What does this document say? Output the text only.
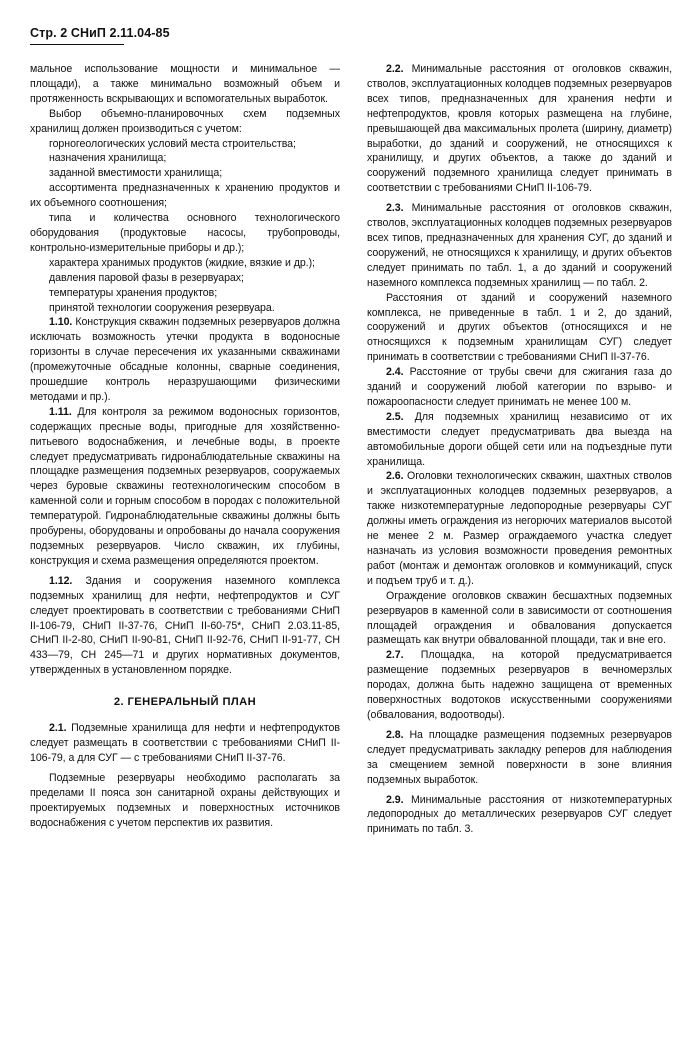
Стр. 2 СНиП 2.11.04-85

мальное использование мощности и минимальное — площади), а также минимально возможный объем и протяженность вскрывающих и вспомогательных выработок.

Выбор объемно-планировочных схем подземных хранилищ должен производиться с учетом:

горногеологических условий места строительства;

назначения хранилища;

заданной вместимости хранилища;

ассортимента предназначенных к хранению продуктов и их объемного соотношения;

типа и количества основного технологического оборудования (продуктовые насосы, трубопроводы, контрольно-измерительные приборы и др.);

характера хранимых продуктов (жидкие, вязкие и др.);

давления паровой фазы в резервуарах;

температуры хранения продуктов;

принятой технологии сооружения резервуара.

1.10. Конструкция скважин подземных резервуаров должна исключать возможность утечки продукта в водоносные горизонты в случае пересечения их указанными скважинами (промежуточные обсадные колонны, сварные соединения, прошедшие контроль неразрушающими физическими методами и пр.).

1.11. Для контроля за режимом водоносных горизонтов, содержащих пресные воды, пригодные для хозяйственно-питьевого водоснабжения, и лечебные воды, в проекте следует предусматривать гидронаблюдательные скважины на площадке размещения подземных резервуаров, сооружаемых через буровые скважины геотехнологическим способом в каменной соли и горным способом в породах с положительной температурой. Гидронаблюдательные скважины должны быть пробурены, оборудованы и опробованы до начала сооружения подземных резервуаров. Число скважин, их глубины, конструкция и схема размещения определяются проектом.

1.12. Здания и сооружения наземного комплекса подземных хранилищ для нефти, нефтепродуктов и СУГ следует проектировать в соответствии с требованиями СНиП II-106-79, СНиП II-37-76, СНиП II-60-75*, СНиП 2.03.11-85, СНиП II-2-80, СНиП II-90-81, СНиП II-92-76, СНиП II-91-77, СН 433—79, СН 245—71 и других нормативных документов, утвержденных в установленном порядке.

2. ГЕНЕРАЛЬНЫЙ ПЛАН

2.1. Подземные хранилища для нефти и нефтепродуктов следует размещать в соответствии с требованиями СНиП II-106-79, а для СУГ — с требованиями СНиП II-37-76.

Подземные резервуары необходимо располагать за пределами II пояса зон санитарной охраны действующих и проектируемых подземных и поверхностных источников водоснабжения с учетом перспектив их развития.

2.2. Минимальные расстояния от оголовков скважин, стволов, эксплуатационных колодцев подземных резервуаров всех типов, предназначенных для хранения нефти и нефтепродуктов, кровля которых размещена на глубине, превышающей два максимальных пролета (ширину, диаметр) выработки, до зданий и сооружений, не относящихся к хранилищу, и других объектов, а также до зданий и сооружений подземного хранилища следует принимать в соответствии с требованиями СНиП II-106-79.

2.3. Минимальные расстояния от оголовков скважин, стволов, эксплуатационных колодцев подземных резервуаров всех типов, предназначенных для хранения СУГ, до зданий и сооружений, не относящихся к хранилищу, и других объектов следует принимать по табл. 1, а до зданий и сооружений наземного комплекса подземных хранилищ — по табл. 2.

Расстояния от зданий и сооружений наземного комплекса, не приведенные в табл. 1 и 2, до зданий, сооружений и других объектов (относящихся и не относящихся к подземным хранилищам СУГ) следует принимать в соответствии с требованиями СНиП II-37-76.

2.4. Расстояние от трубы свечи для сжигания газа до зданий и сооружений любой категории по взрыво- и пожароопасности следует принимать не менее 100 м.

2.5. Для подземных хранилищ независимо от их вместимости следует предусматривать два выезда на автомобильные дороги общей сети или на подъездные пути хранилища.

2.6. Оголовки технологических скважин, шахтных стволов и эксплуатационных колодцев подземных резервуаров, а также низкотемпературные ледопородные резервуары СУГ должны иметь ограждения из негорючих материалов высотой не менее 2 м. Размер ограждаемого участка следует назначать из условия возможности проведения ремонтных работ (монтаж и демонтаж оголовков и коммуникаций, спуск и подъем труб и т. д.).

Ограждение оголовков скважин бесшахтных подземных резервуаров в каменной соли в зависимости от соотношения площадей ограждения и обвалования допускается размещать как внутри обвалованной площади, так и вне его.

2.7. Площадка, на которой предусматривается размещение подземных резервуаров в вечномерзлых породах, должна быть надежно защищена от временных поверхностных водотоков искусственными сооружениями (обвалования, водоотводы).

2.8. На площадке размещения подземных резервуаров следует предусматривать закладку реперов для наблюдения за смещением земной поверхности в зоне влияния подземных выработок.

2.9. Минимальные расстояния от низкотемпературных ледопородных до металлических резервуаров СУГ следует принимать по табл. 3.
